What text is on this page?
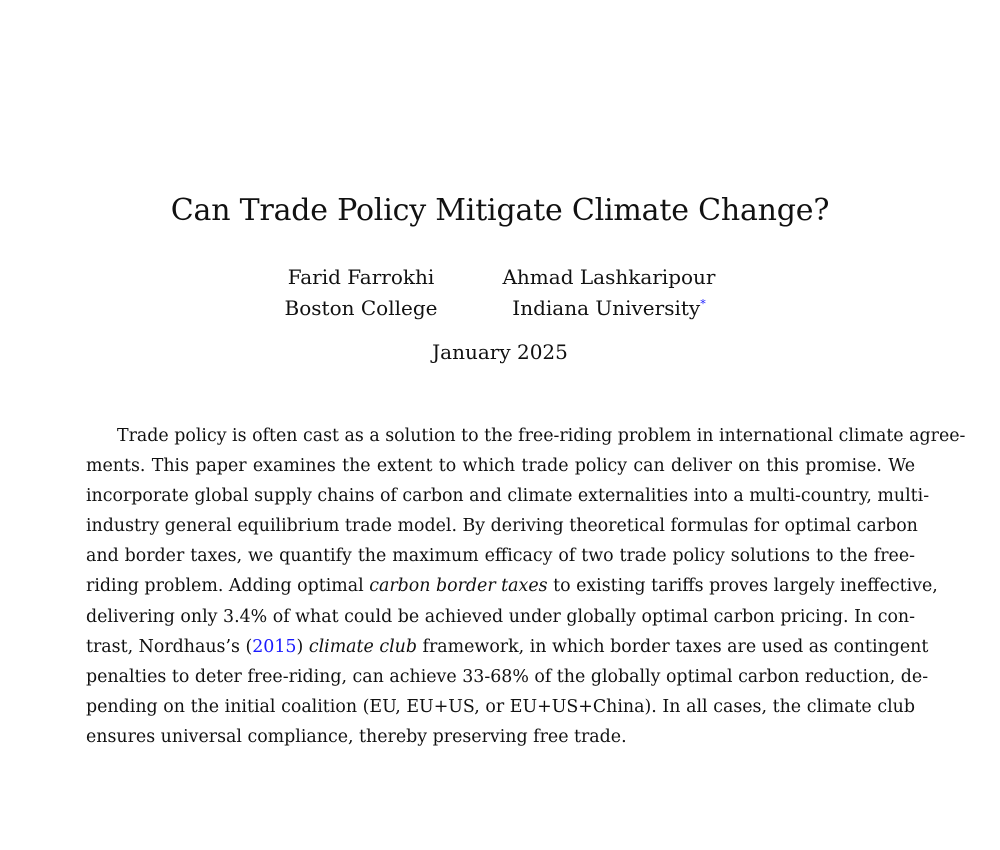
Can Trade Policy Mitigate Climate Change?
Farid Farrokhi
Boston College
Ahmad Lashkaripour
Indiana University*
January 2025
Trade policy is often cast as a solution to the free-riding problem in international climate agree-
ments. This paper examines the extent to which trade policy can deliver on this promise. We
incorporate global supply chains of carbon and climate externalities into a multi-country, multi-
industry general equilibrium trade model. By deriving theoretical formulas for optimal carbon
and border taxes, we quantify the maximum efficacy of two trade policy solutions to the free-
riding problem. Adding optimal carbon border taxes to existing tariffs proves largely ineffective,
delivering only 3.4% of what could be achieved under globally optimal carbon pricing. In con-
trast, Nordhaus’s (2015) climate club framework, in which border taxes are used as contingent
penalties to deter free-riding, can achieve 33-68% of the globally optimal carbon reduction, de-
pending on the initial coalition (EU, EU+US, or EU+US+China). In all cases, the climate club
ensures universal compliance, thereby preserving free trade.
